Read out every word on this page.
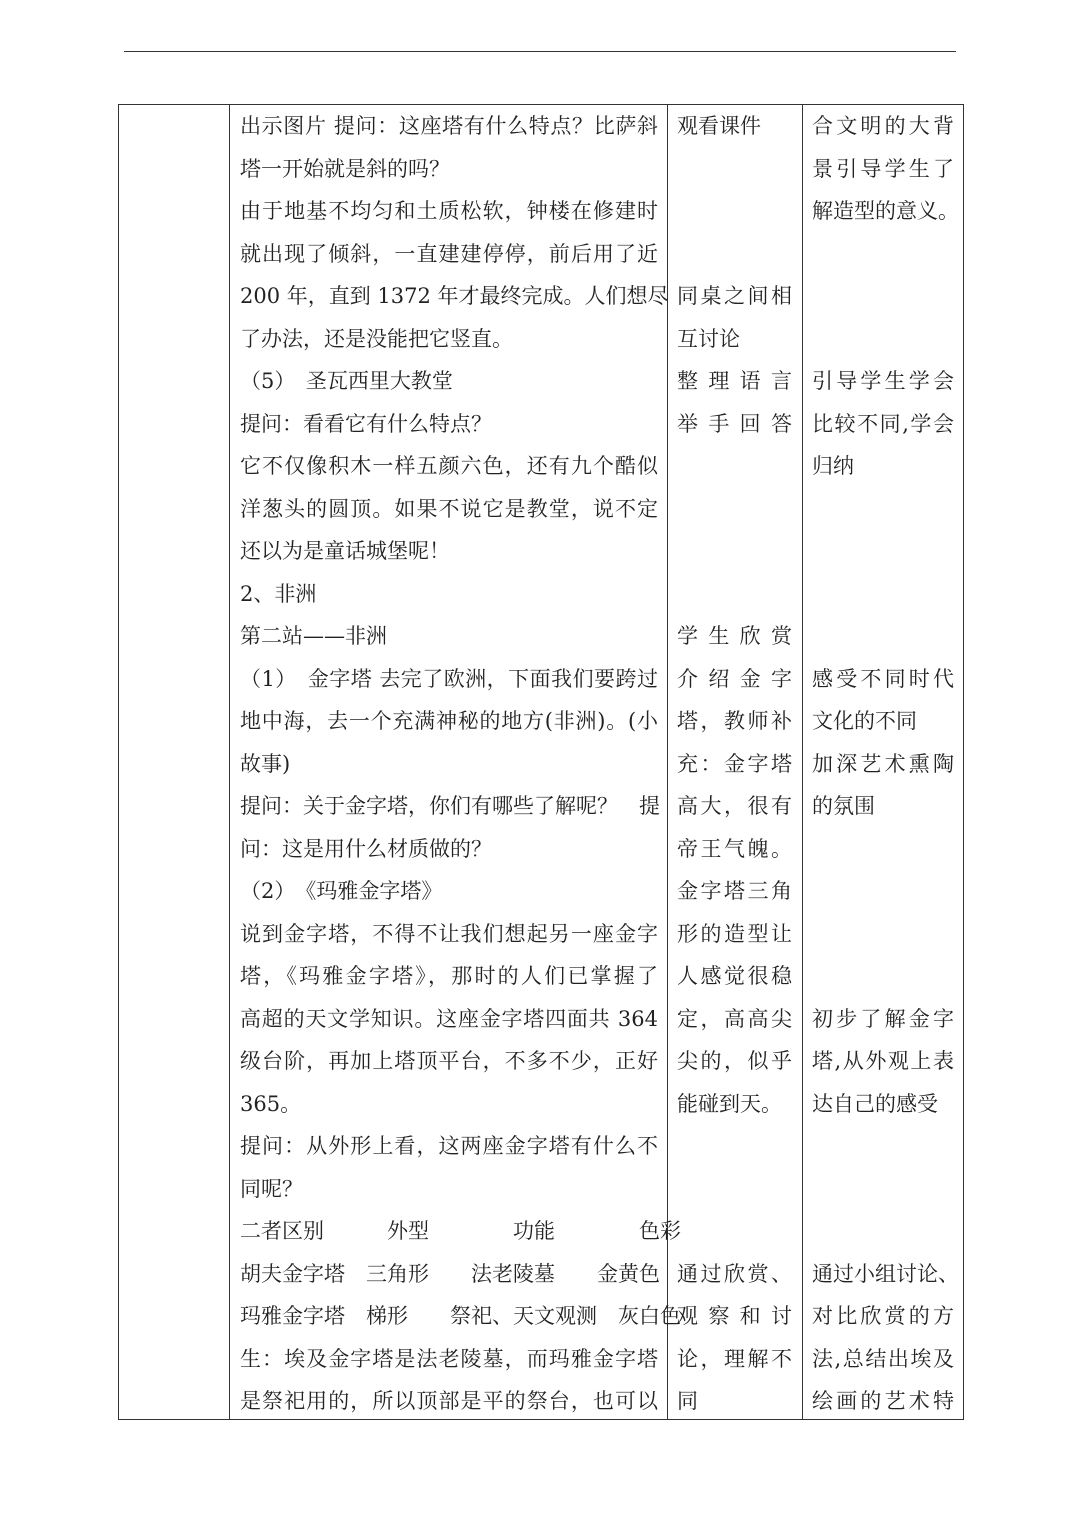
出示图片 提问：这座塔有什么特点？比萨斜
塔一开始就是斜的吗？
由于地基不均匀和土质松软，钟楼在修建时
就出现了倾斜，一直建建停停，前后用了近
200 年，直到 1372 年才最终完成。人们想尽
了办法，还是没能把它竖直。
（5）　圣瓦西里大教堂
提问：看看它有什么特点？
它不仅像积木一样五颜六色，还有九个酷似
洋葱头的圆顶。如果不说它是教堂，说不定
还以为是童话城堡呢！
2、非洲
第二站——非洲
（1）　金字塔 去完了欧洲，下面我们要跨过
地中海，去一个充满神秘的地方(非洲)。(小
故事)
提问：关于金字塔，你们有哪些了解呢？　提
问：这是用什么材质做的？
（2）　《玛雅金字塔》
说到金字塔，不得不让我们想起另一座金字
塔，《玛雅金字塔》，那时的人们已掌握了
高超的天文学知识。这座金字塔四面共 364
级台阶，再加上塔顶平台，不多不少，正好
365。
提问：从外形上看，这两座金字塔有什么不
同呢？
二者区别　　　外型　　　　功能　　　　色彩
胡夫金字塔　三角形　　法老陵墓　　金黄色
玛雅金字塔　梯形　　祭祀、天文观测　灰白色
生：埃及金字塔是法老陵墓，而玛雅金字塔
是祭祀用的，所以顶部是平的祭台，也可以
观看课件
同桌之间相
互讨论
整理语言
举手回答
学生欣赏
介绍金字
塔，教师补
充：金字塔
高大，很有
帝王气魄。
金字塔三角
形的造型让
人感觉很稳
定，高高尖
尖的，似乎
能碰到天。
通过欣赏、
观察和讨
论，理解不
同
合文明的大背
景引导学生了
解造型的意义。
引导学生学会
比较不同,学会
归纳
感受不同时代
文化的不同
加深艺术熏陶
的氛围
初步了解金字
塔,从外观上表
达自己的感受
通过小组讨论、
对比欣赏的方
法,总结出埃及
绘画的艺术特
